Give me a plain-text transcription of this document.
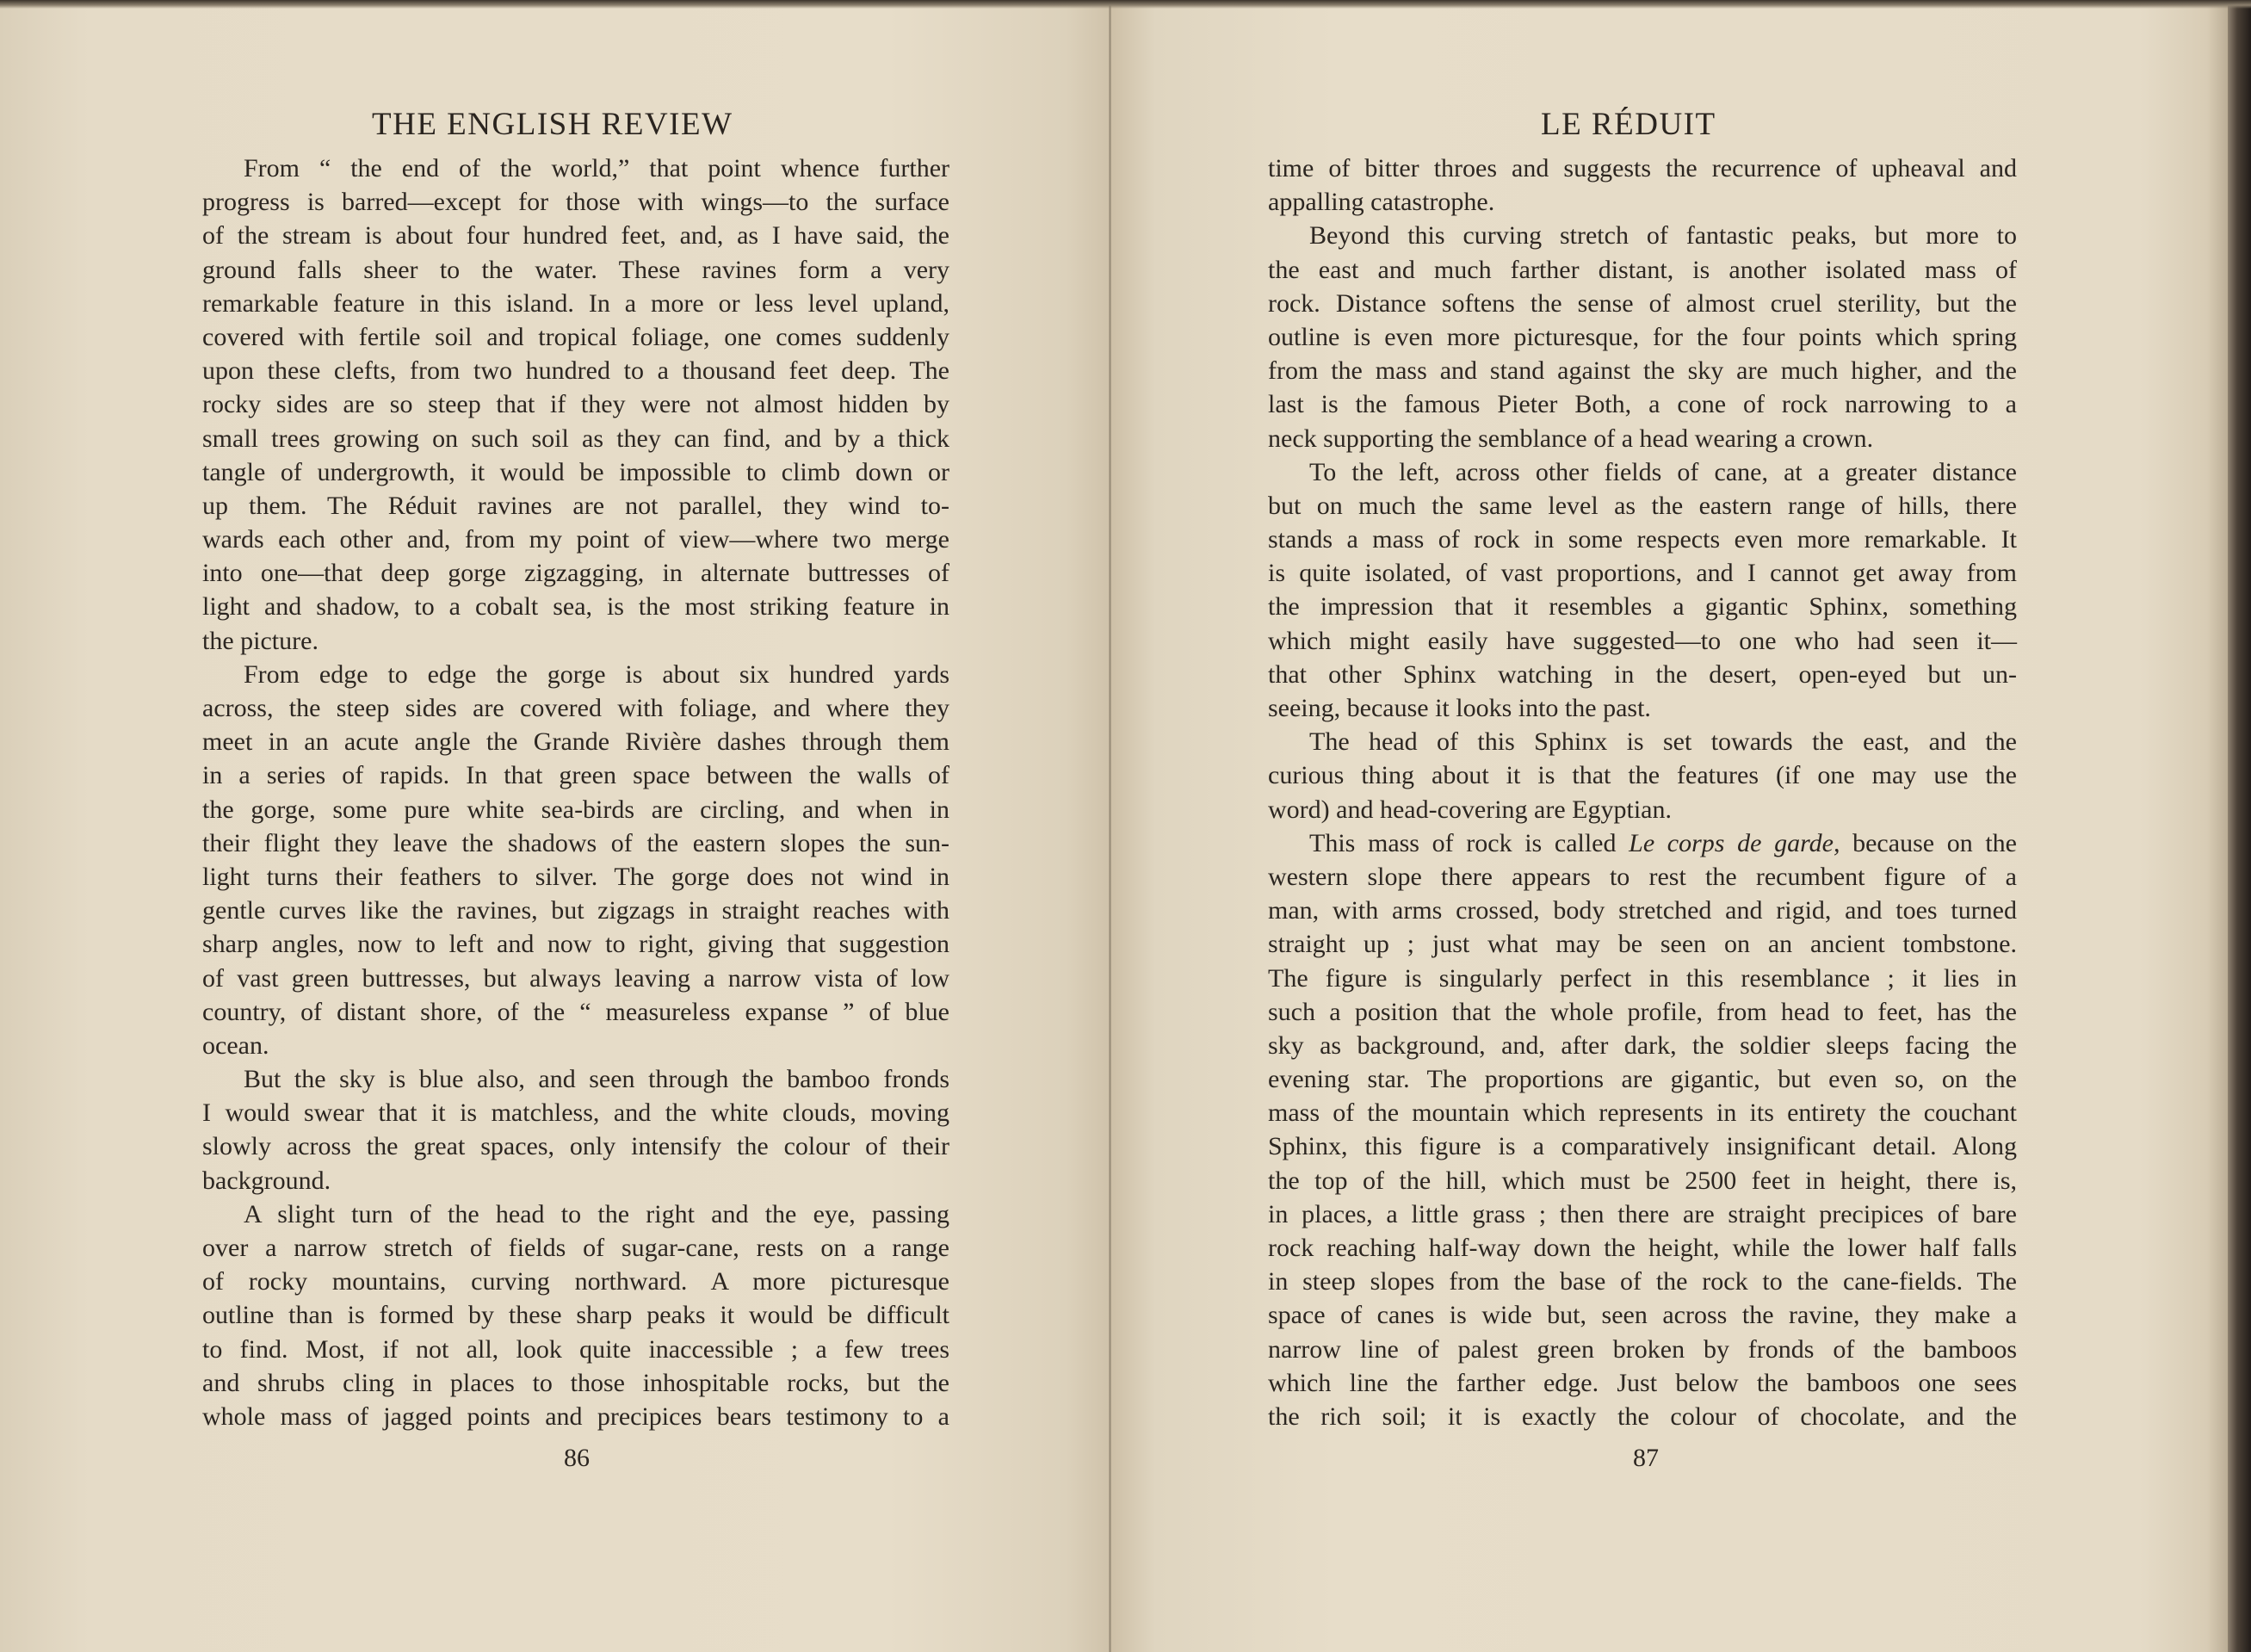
THE ENGLISH REVIEW
From “ the end of the world,” that point whence further
progress is barred—except for those with wings—to the surface
of the stream is about four hundred feet, and, as I have said, the
ground falls sheer to the water. These ravines form a very
remarkable feature in this island. In a more or less level upland,
covered with fertile soil and tropical foliage, one comes suddenly
upon these clefts, from two hundred to a thousand feet deep. The
rocky sides are so steep that if they were not almost hidden by
small trees growing on such soil as they can find, and by a thick
tangle of undergrowth, it would be impossible to climb down or
up them. The Réduit ravines are not parallel, they wind to-
wards each other and, from my point of view—where two merge
into one—that deep gorge zigzagging, in alternate buttresses of
light and shadow, to a cobalt sea, is the most striking feature in
the picture.
From edge to edge the gorge is about six hundred yards
across, the steep sides are covered with foliage, and where they
meet in an acute angle the Grande Rivière dashes through them
in a series of rapids. In that green space between the walls of
the gorge, some pure white sea-birds are circling, and when in
their flight they leave the shadows of the eastern slopes the sun-
light turns their feathers to silver. The gorge does not wind in
gentle curves like the ravines, but zigzags in straight reaches with
sharp angles, now to left and now to right, giving that suggestion
of vast green buttresses, but always leaving a narrow vista of low
country, of distant shore, of the “ measureless expanse ” of blue
ocean.
But the sky is blue also, and seen through the bamboo fronds
I would swear that it is matchless, and the white clouds, moving
slowly across the great spaces, only intensify the colour of their
background.
A slight turn of the head to the right and the eye, passing
over a narrow stretch of fields of sugar-cane, rests on a range
of rocky mountains, curving northward. A more picturesque
outline than is formed by these sharp peaks it would be difficult
to find. Most, if not all, look quite inaccessible ; a few trees
and shrubs cling in places to those inhospitable rocks, but the
whole mass of jagged points and precipices bears testimony to a
86
LE RÉDUIT
time of bitter throes and suggests the recurrence of upheaval and
appalling catastrophe.
Beyond this curving stretch of fantastic peaks, but more to
the east and much farther distant, is another isolated mass of
rock. Distance softens the sense of almost cruel sterility, but the
outline is even more picturesque, for the four points which spring
from the mass and stand against the sky are much higher, and the
last is the famous Pieter Both, a cone of rock narrowing to a
neck supporting the semblance of a head wearing a crown.
To the left, across other fields of cane, at a greater distance
but on much the same level as the eastern range of hills, there
stands a mass of rock in some respects even more remarkable. It
is quite isolated, of vast proportions, and I cannot get away from
the impression that it resembles a gigantic Sphinx, something
which might easily have suggested—to one who had seen it—
that other Sphinx watching in the desert, open-eyed but un-
seeing, because it looks into the past.
The head of this Sphinx is set towards the east, and the
curious thing about it is that the features (if one may use the
word) and head-covering are Egyptian.
This mass of rock is called Le corps de garde, because on the
western slope there appears to rest the recumbent figure of a
man, with arms crossed, body stretched and rigid, and toes turned
straight up ; just what may be seen on an ancient tombstone.
The figure is singularly perfect in this resemblance ; it lies in
such a position that the whole profile, from head to feet, has the
sky as background, and, after dark, the soldier sleeps facing the
evening star. The proportions are gigantic, but even so, on the
mass of the mountain which represents in its entirety the couchant
Sphinx, this figure is a comparatively insignificant detail. Along
the top of the hill, which must be 2500 feet in height, there is,
in places, a little grass ; then there are straight precipices of bare
rock reaching half-way down the height, while the lower half falls
in steep slopes from the base of the rock to the cane-fields. The
space of canes is wide but, seen across the ravine, they make a
narrow line of palest green broken by fronds of the bamboos
which line the farther edge. Just below the bamboos one sees
the rich soil; it is exactly the colour of chocolate, and the
87
